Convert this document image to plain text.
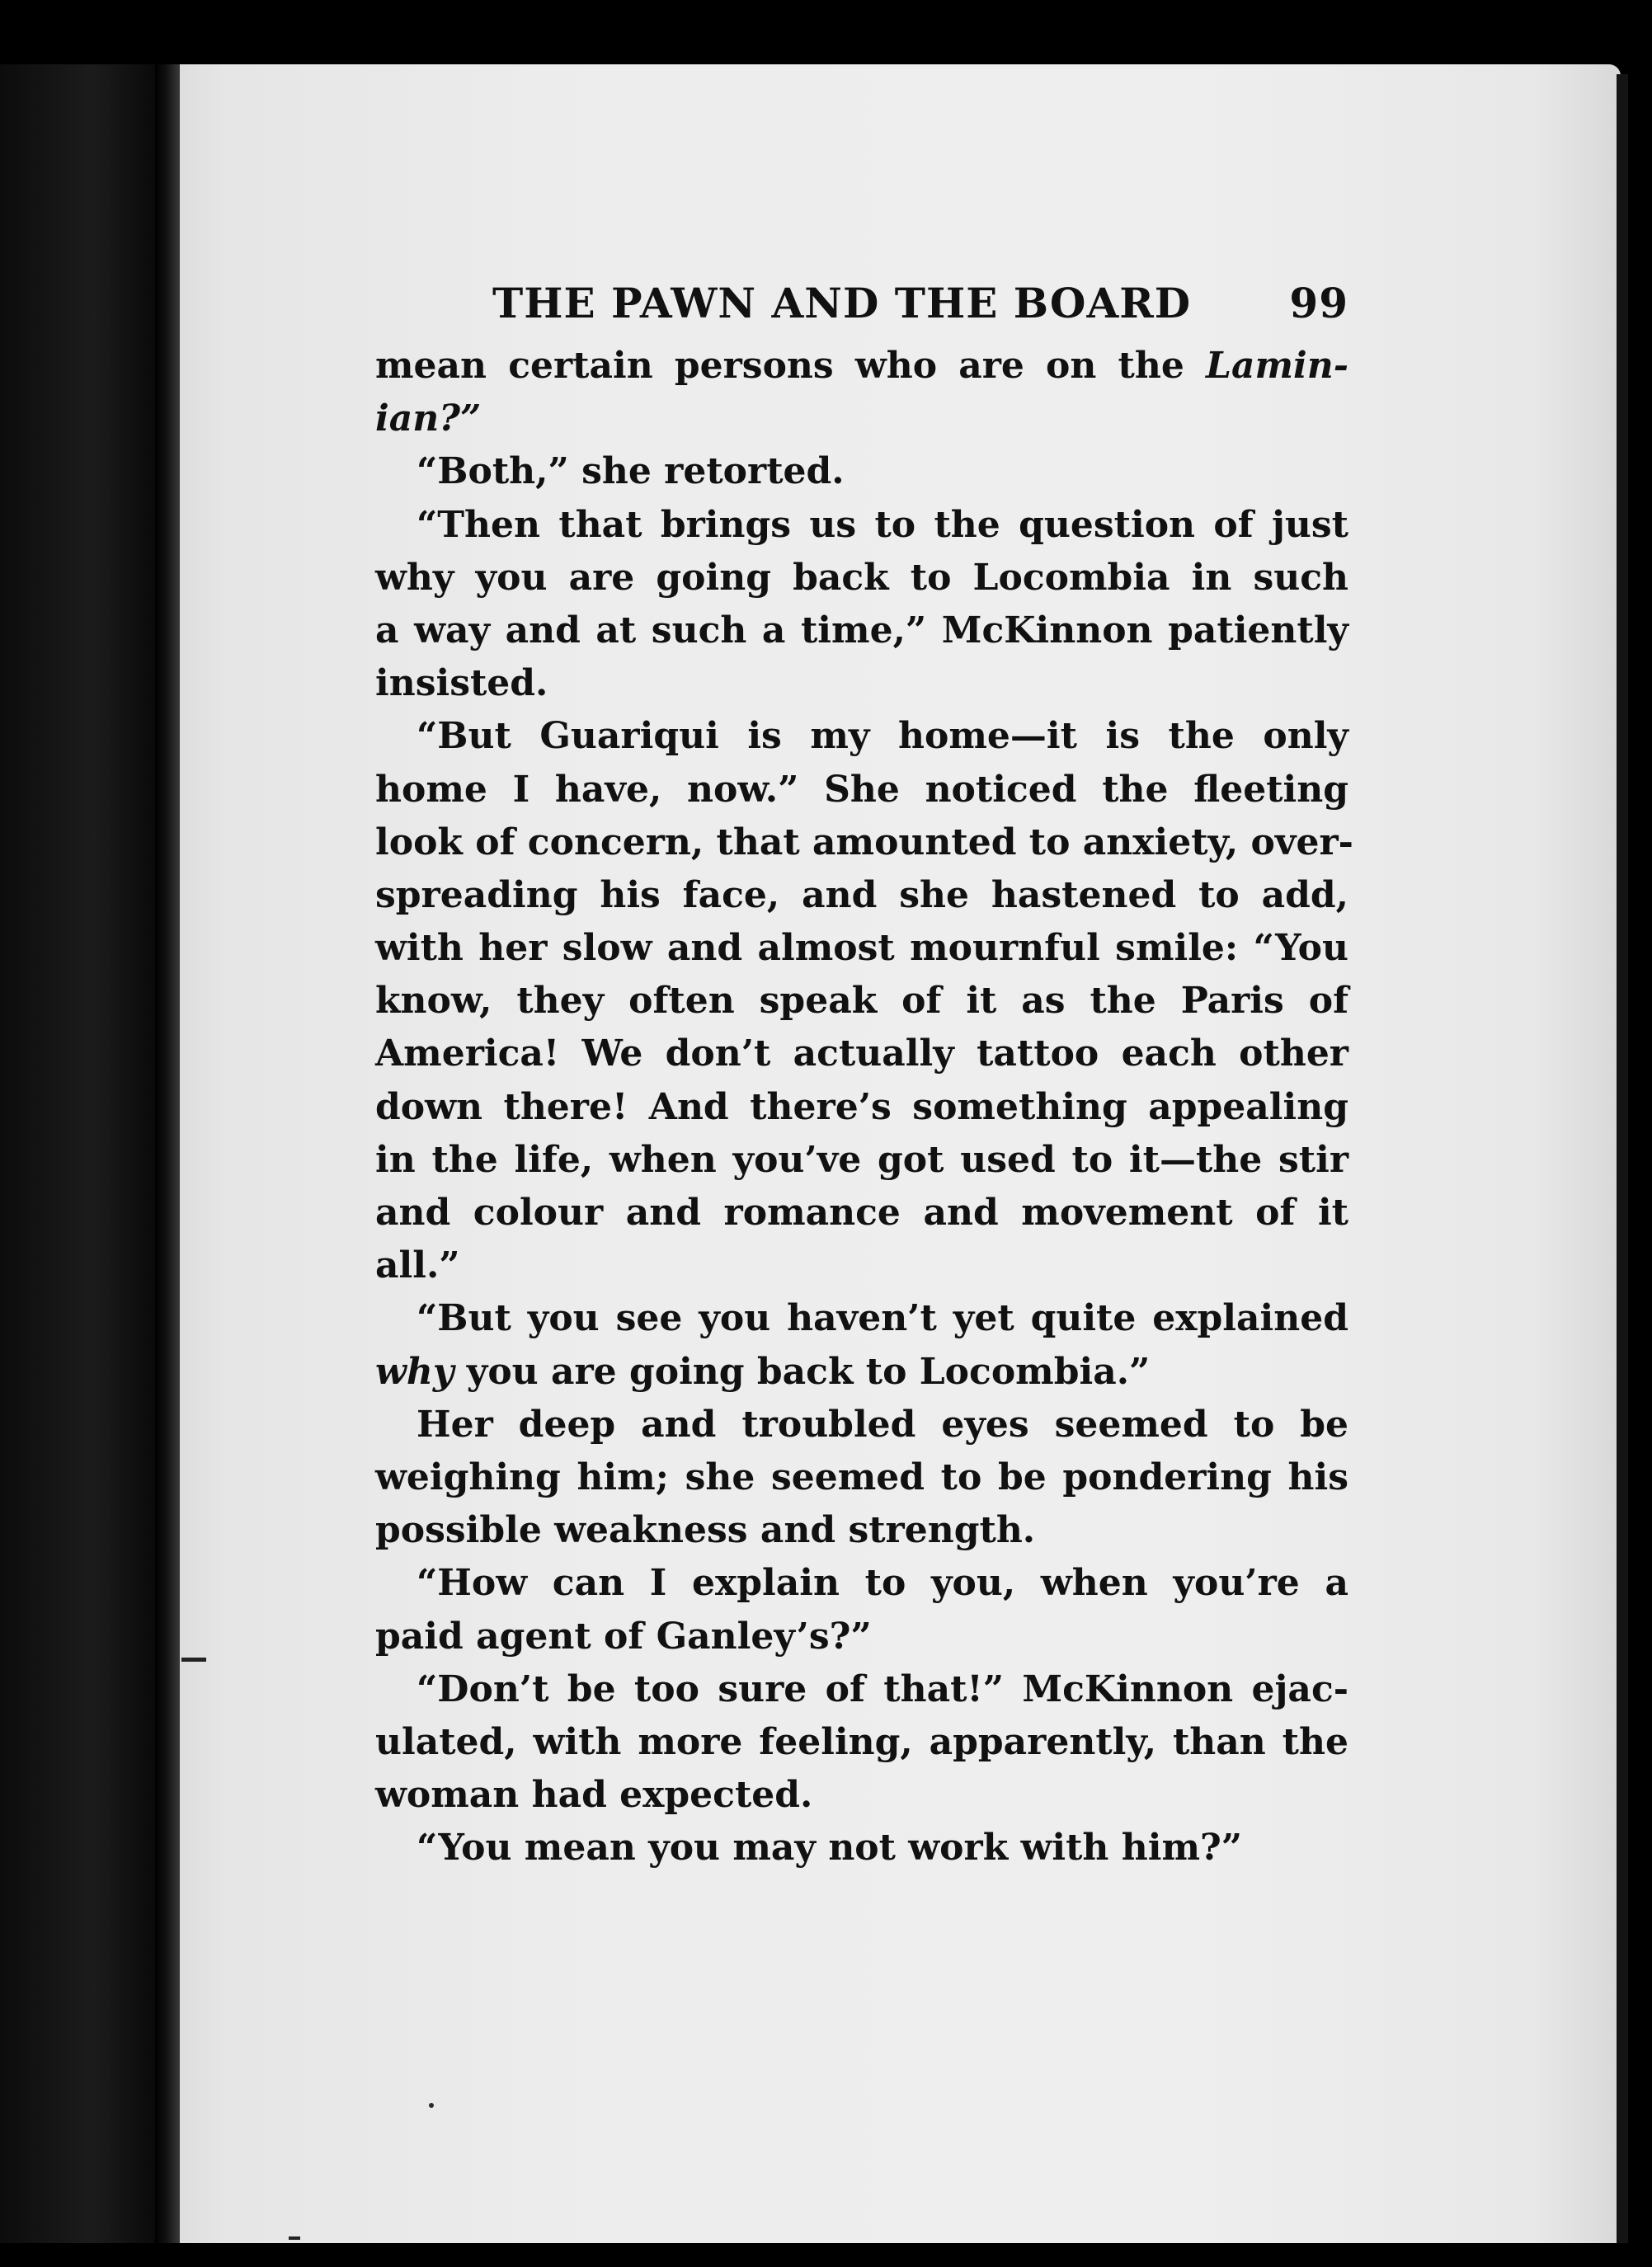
THE PAWN AND THE BOARD 99
mean certain persons who are on the Lamin-
ian?”
“Both,” she retorted.
“Then that brings us to the question of just
why you are going back to Locombia in such
a way and at such a time,” McKinnon patiently
insisted.
“But Guariqui is my home—it is the only
home I have, now.” She noticed the fleeting
look of concern, that amounted to anxiety, over-
spreading his face, and she hastened to add,
with her slow and almost mournful smile: “You
know, they often speak of it as the Paris of
America! We don’t actually tattoo each other
down there! And there’s something appealing
in the life, when you’ve got used to it—the stir
and colour and romance and movement of it
all.”
“But you see you haven’t yet quite explained
why you are going back to Locombia.”
Her deep and troubled eyes seemed to be
weighing him; she seemed to be pondering his
possible weakness and strength.
“How can I explain to you, when you’re a
paid agent of Ganley’s?”
“Don’t be too sure of that!” McKinnon ejac-
ulated, with more feeling, apparently, than the
woman had expected.
“You mean you may not work with him?”
